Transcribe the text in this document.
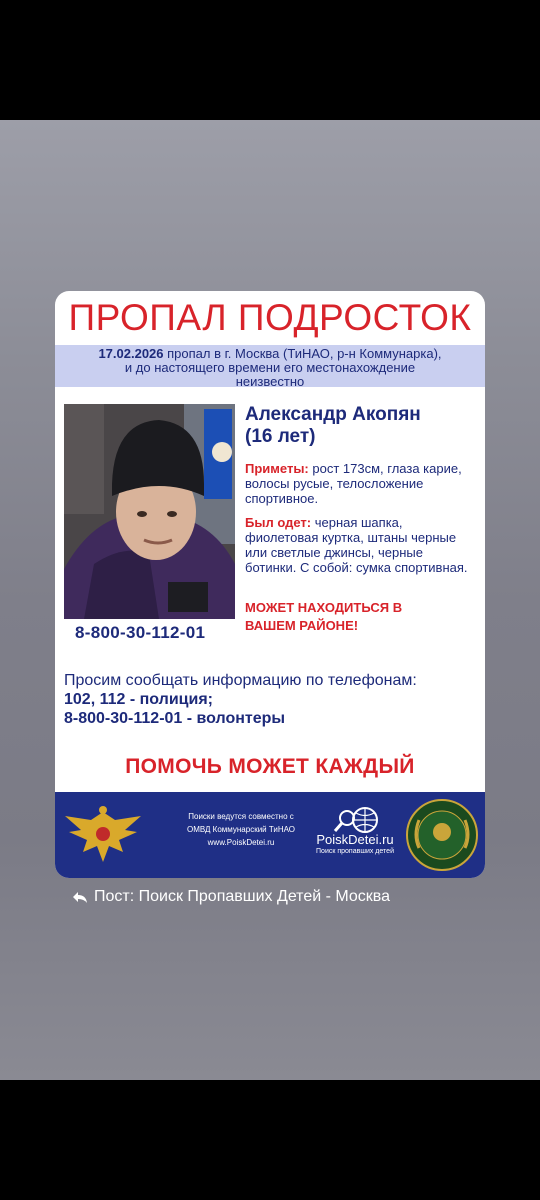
ПРОПАЛ ПОДРОСТОК
17.02.2026 пропал в г. Москва (ТиНАО, р-н Коммунарка),
и до настоящего времени его местонахождение
неизвестно
8-800-30-112-01
Александр Акопян
(16 лет)
Приметы: рост 173см, глаза карие, волосы русые, телосложение спортивное.
Был одет: черная шапка, фиолетовая куртка, штаны черные или светлые джинсы, черные ботинки. С собой: сумка спортивная.
МОЖЕТ НАХОДИТЬСЯ В
ВАШЕМ РАЙОНЕ!
Просим сообщать информацию по телефонам:
102, 112 - полиция;
8-800-30-112-01 - волонтеры
ПОМОЧЬ МОЖЕТ КАЖДЫЙ
Поиски ведутся совместно с
ОМВД Коммунарский ТиНАО
www.PoiskDetei.ru	PoiskDetei.ru
Поиск пропавших детей
Пост: Поиск Пропавших Детей - Москва
